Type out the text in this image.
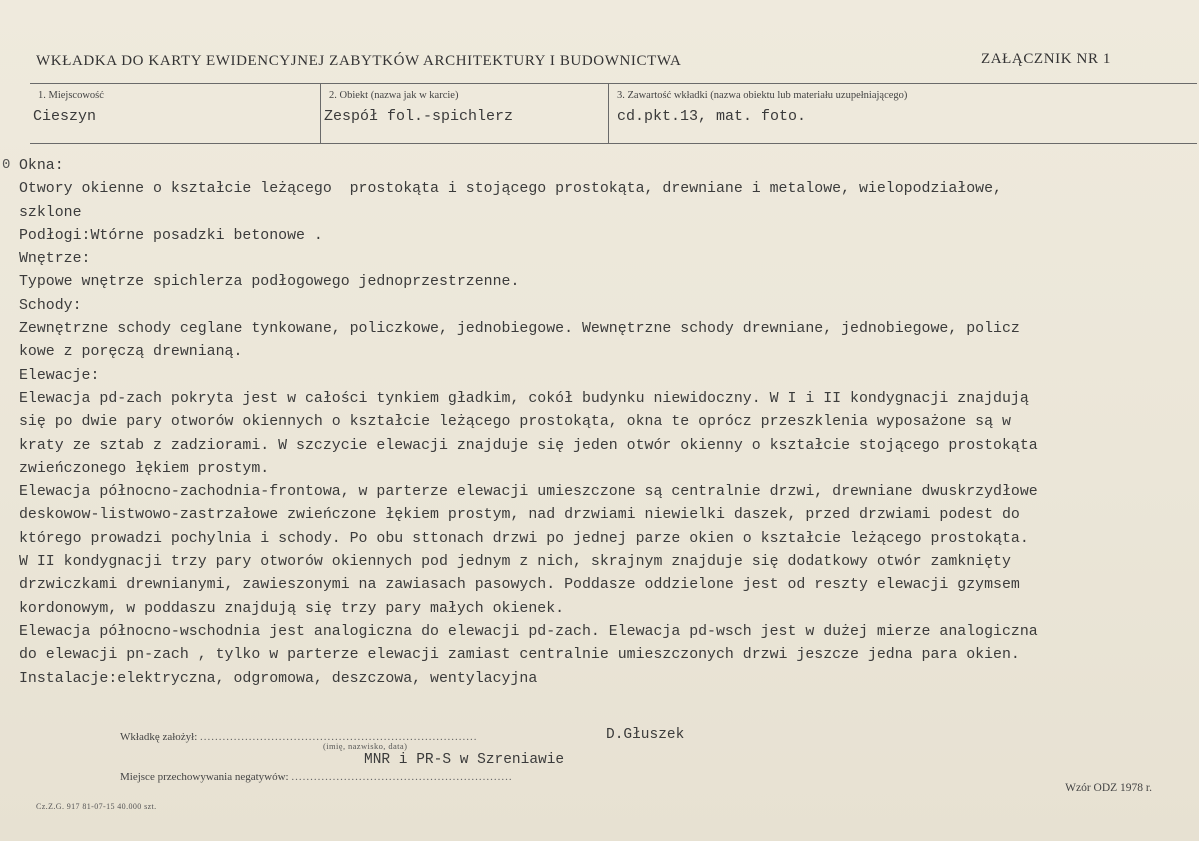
WKŁADKA DO KARTY EWIDENCYJNEJ ZABYTKÓW ARCHITEKTURY I BUDOWNICTWA	ZAŁĄCZNIK NR 1
1. Miejscowość
Cieszyn
2. Obiekt (nazwa jak w karcie)
Zespół fol.-spichlerz
3. Zawartość wkładki (nazwa obiektu lub materiału uzupełniającego)
cd.pkt.13, mat. foto.
0 Okna:
Otwory okienne o kształcie leżącego  prostokąta i stojącego prostokąta, drewniane i metalowe, wielopodziałowe,
szklone
Podłogi:Wtórne posadzki betonowe .
Wnętrze:
Typowe wnętrze spichlerza podłogowego jednoprzestrzenne.
Schody:
Zewnętrzne schody ceglane tynkowane, policzkowe, jednobiegowe. Wewnętrzne schody drewniane, jednobiegowe, policz
kowe z poręczą drewnianą.
Elewacje:
Elewacja pd-zach pokryta jest w całości tynkiem gładkim, cokół budynku niewidoczny. W I i II kondygnacji znajdują
się po dwie pary otworów okiennych o kształcie leżącego prostokąta, okna te oprócz przeszklenia wyposażone są w
kraty ze sztab z zadziorami. W szczycie elewacji znajduje się jeden otwór okienny o kształcie stojącego prostokąta
zwieńczonego łękiem prostym.
Elewacja północno-zachodnia-frontowa, w parterze elewacji umieszczone są centralnie drzwi, drewniane dwuskrzydłowe
deskowow-listwowo-zastrzałowe zwieńczone łękiem prostym, nad drzwiami niewielki daszek, przed drzwiami podest do
którego prowadzi pochylnia i schody. Po obu sttonach drzwi po jednej parze okien o kształcie leżącego prostokąta.
W II kondygnacji trzy pary otworów okiennych pod jednym z nich, skrajnym znajduje się dodatkowy otwór zamknięty
drzwiczkami drewnianymi, zawieszonymi na zawiasach pasowych. Poddasze oddzielone jest od reszty elewacji gzymsem
kordonowym, w poddaszu znajdują się trzy pary małych okienek.
Elewacja północno-wschodnia jest analogiczna do elewacji pd-zach. Elewacja pd-wsch jest w dużej mierze analogiczna
do elewacji pn-zach , tylko w parterze elewacji zamiast centralnie umieszczonych drzwi jeszcze jedna para okien.
Instalacje:elektryczna, odgromowa, deszczowa, wentylacyjna
Wkładkę założył: ..........................................................................
(imię, nazwisko, data)
D.Głuszek
Miejsce przechowywania negatywów: ...........................................................
MNR i PR-S w Szreniawie
Cz.Z.G. 917 81-07-15 40.000 szt.
Wzór ODZ 1978 r.
